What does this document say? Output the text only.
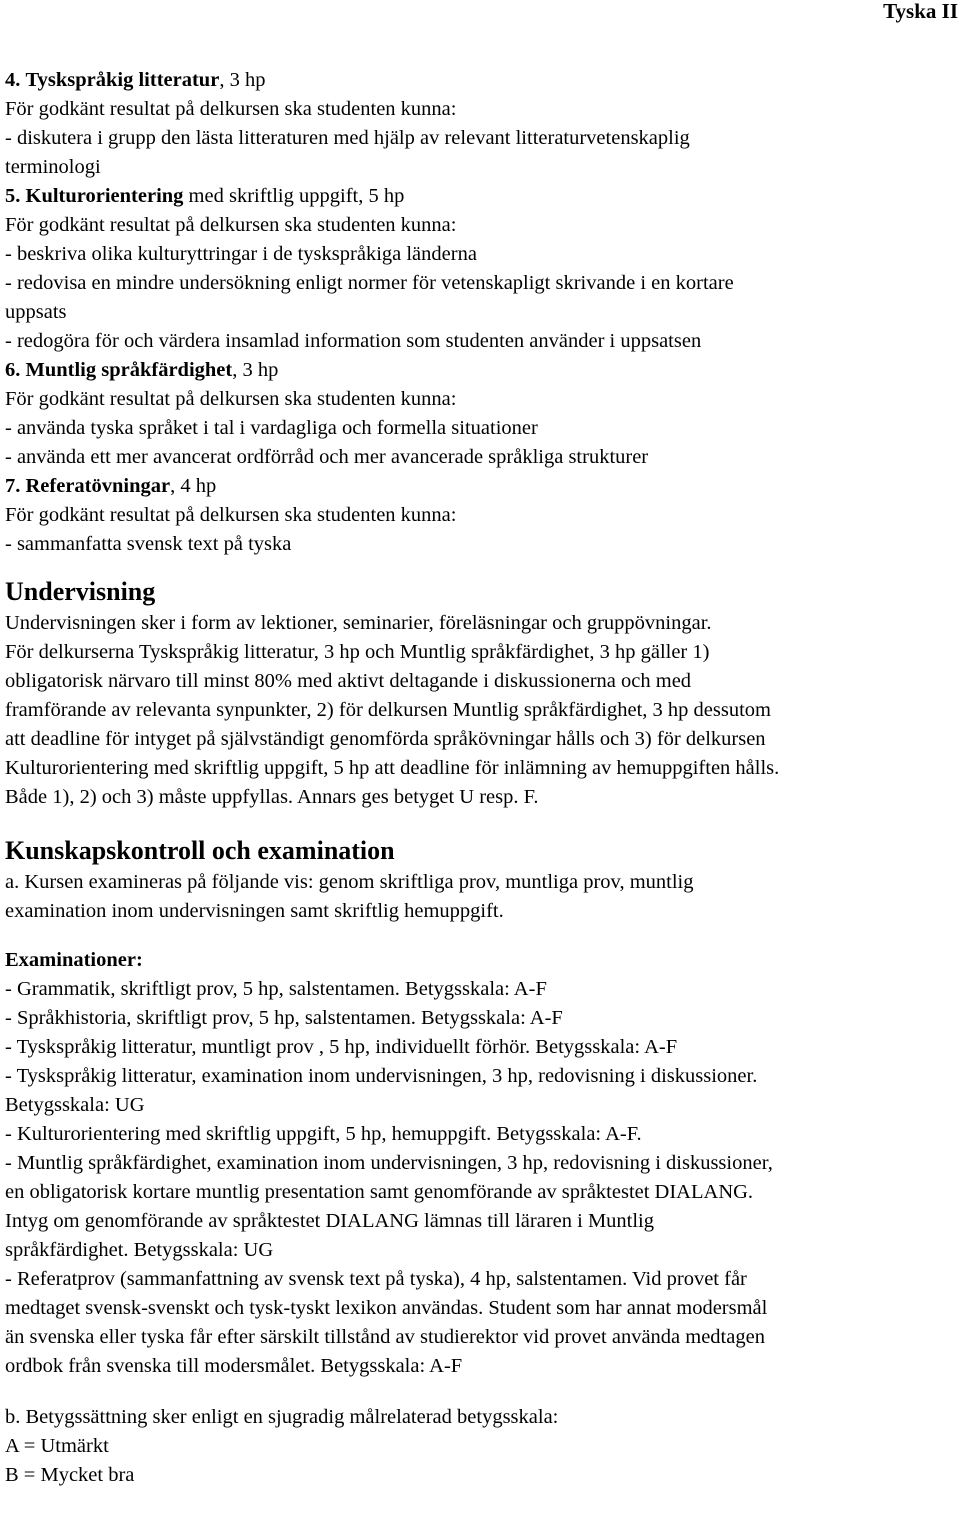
Tyska II
4. Tyskspråkig litteratur, 3 hp
För godkänt resultat på delkursen ska studenten kunna:
- diskutera i grupp den lästa litteraturen med hjälp av relevant litteraturvetenskaplig
terminologi
5. Kulturorientering med skriftlig uppgift, 5 hp
För godkänt resultat på delkursen ska studenten kunna:
- beskriva olika kulturyttringar i de tyskspråkiga länderna
- redovisa en mindre undersökning enligt normer för vetenskapligt skrivande i en kortare
uppsats
- redogöra för och värdera insamlad information som studenten använder i uppsatsen
6. Muntlig språkfärdighet, 3 hp
För godkänt resultat på delkursen ska studenten kunna:
- använda tyska språket i tal i vardagliga och formella situationer
- använda ett mer avancerat ordförråd och mer avancerade språkliga strukturer
7. Referatövningar, 4 hp
För godkänt resultat på delkursen ska studenten kunna:
- sammanfatta svensk text på tyska
Undervisning
Undervisningen sker i form av lektioner, seminarier, föreläsningar och gruppövningar.
För delkurserna Tyskspråkig litteratur, 3 hp och Muntlig språkfärdighet, 3 hp gäller 1)
obligatorisk närvaro till minst 80% med aktivt deltagande i diskussionerna och med
framförande av relevanta synpunkter, 2) för delkursen Muntlig språkfärdighet, 3 hp dessutom
att deadline för intyget på självständigt genomförda språkövningar hålls och 3) för delkursen
Kulturorientering med skriftlig uppgift, 5 hp att deadline för inlämning av hemuppgiften hålls.
Både 1), 2) och 3) måste uppfyllas. Annars ges betyget U resp. F.
Kunskapskontroll och examination
a. Kursen examineras på följande vis: genom skriftliga prov, muntliga prov, muntlig
examination inom undervisningen samt skriftlig hemuppgift.
Examinationer:
- Grammatik, skriftligt prov, 5 hp, salstentamen. Betygsskala: A-F
- Språkhistoria, skriftligt prov, 5 hp, salstentamen. Betygsskala: A-F
- Tyskspråkig litteratur, muntligt prov , 5 hp, individuellt förhör. Betygsskala: A-F
- Tyskspråkig litteratur, examination inom undervisningen, 3 hp, redovisning i diskussioner.
Betygsskala: UG
- Kulturorientering med skriftlig uppgift, 5 hp, hemuppgift. Betygsskala: A-F.
- Muntlig språkfärdighet, examination inom undervisningen, 3 hp, redovisning i diskussioner,
en obligatorisk kortare muntlig presentation samt genomförande av språktestet DIALANG.
Intyg om genomförande av språktestet DIALANG lämnas till läraren i Muntlig
språkfärdighet. Betygsskala: UG
- Referatprov (sammanfattning av svensk text på tyska), 4 hp, salstentamen. Vid provet får
medtaget svensk-svenskt och tysk-tyskt lexikon användas. Student som har annat modersmål
än svenska eller tyska får efter särskilt tillstånd av studierektor vid provet använda medtagen
ordbok från svenska till modersmålet. Betygsskala: A-F
b. Betygssättning sker enligt en sjugradig målrelaterad betygsskala:
A = Utmärkt
B = Mycket bra
